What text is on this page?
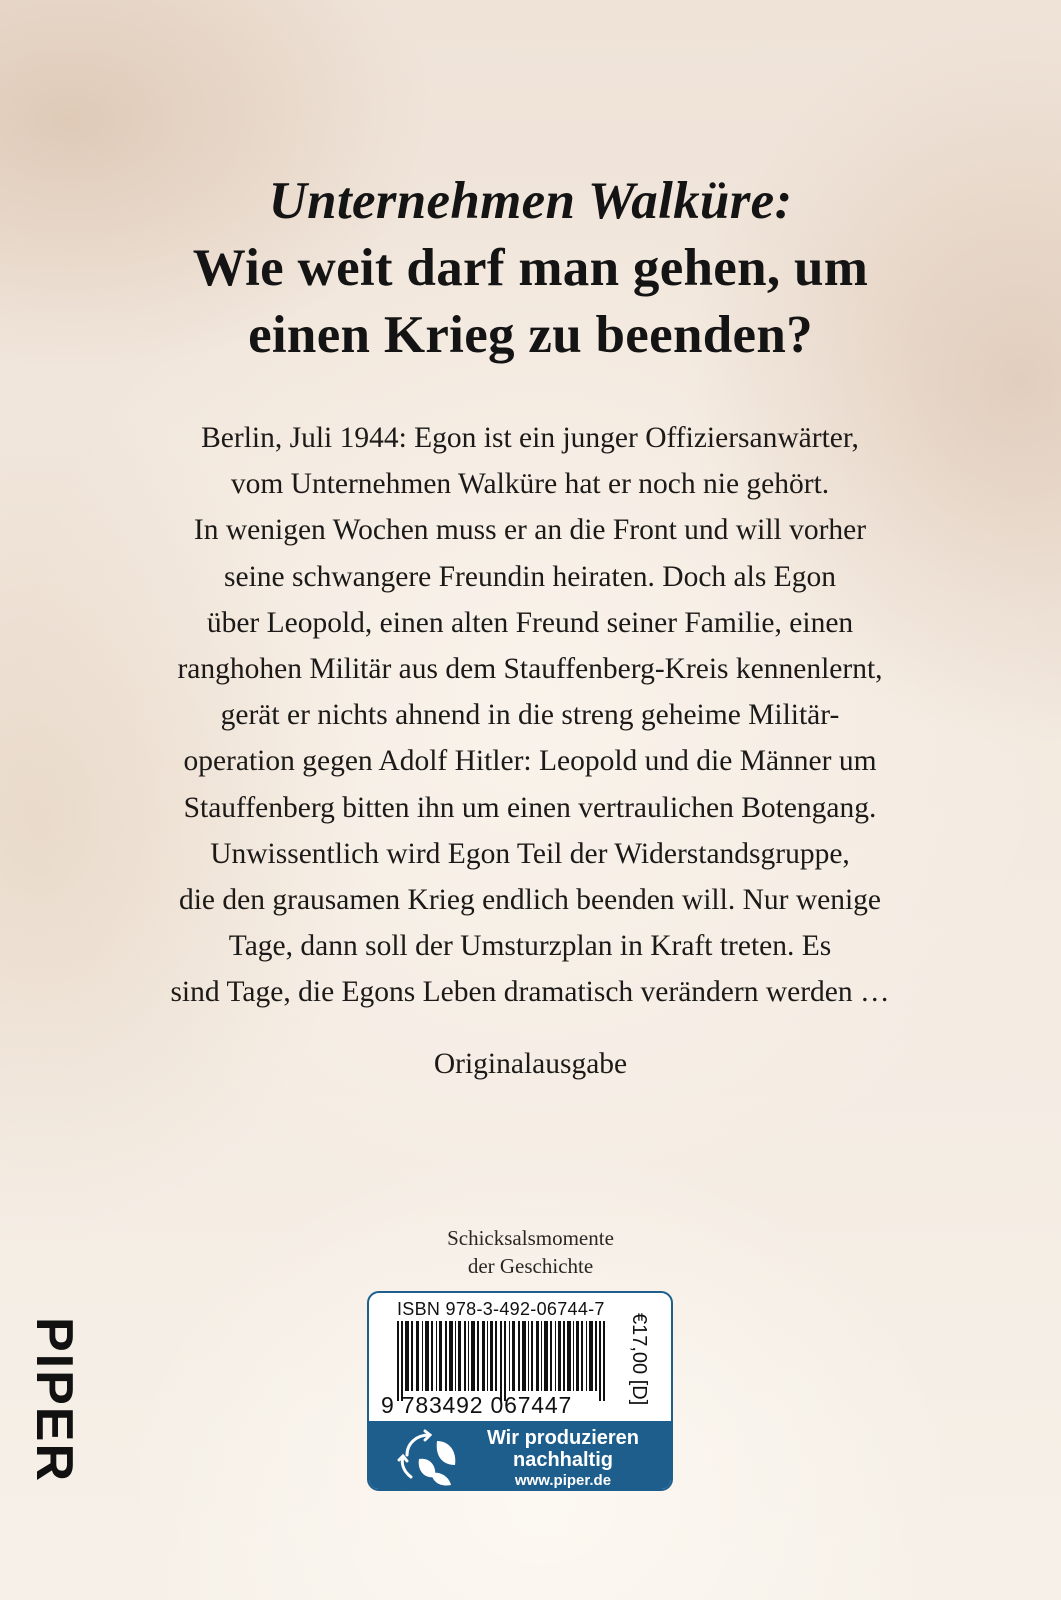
Unternehmen Walküre:
Wie weit darf man gehen, um
einen Krieg zu beenden?
Berlin, Juli 1944: Egon ist ein junger Offiziersanwärter,
vom Unternehmen Walküre hat er noch nie gehört.
In wenigen Wochen muss er an die Front und will vorher
seine schwangere Freundin heiraten. Doch als Egon
über Leopold, einen alten Freund seiner Familie, einen
ranghohen Militär aus dem Stauffenberg-Kreis kennenlernt,
gerät er nichts ahnend in die streng geheime Militär-
operation gegen Adolf Hitler: Leopold und die Männer um
Stauffenberg bitten ihn um einen vertraulichen Botengang.
Unwissentlich wird Egon Teil der Widerstandsgruppe,
die den grausamen Krieg endlich beenden will. Nur wenige
Tage, dann soll der Umsturzplan in Kraft treten. Es
sind Tage, die Egons Leben dramatisch verändern werden …
Originalausgabe
Schicksalsmomente
der Geschichte
PIPER
ISBN 978-3-492-06744-7
9 783492 067447	€17,00 [D]
Wir produzieren
nachhaltig
www.piper.de
